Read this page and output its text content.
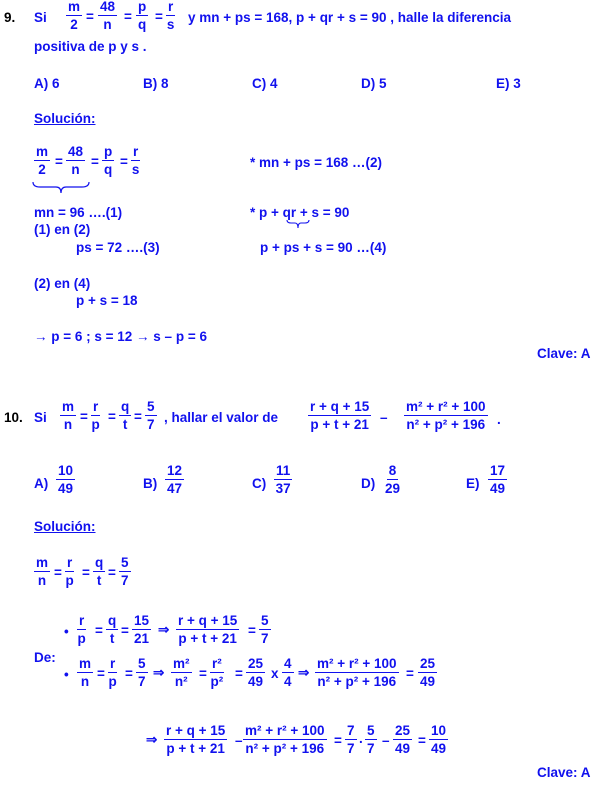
9. Si
m
2 =
48
n =
p
q =
r
s y mn + ps = 168, p + qr + s = 90 , halle la diferencia
positiva de p y s .
A) 6	B) 8	C) 4	D) 5	E) 3
Solución:
m
2 =
48
n =
p
q =
r
s	* mn + ps = 168 …(2)
mn = 96 ….(1)	* p + qr + s = 90
(1) en (2)
ps = 72 ….(3)	p + ps + s = 90 …(4)
(2) en (4)
p + s = 18
→ p = 6 ; s = 12 → s – p = 6
Clave: A
10. Si
m
n =
r
p =
q
t =
5
7 , hallar el valor de
r + q + 15
p + t + 21 –
m² + r² + 100
n² + p² + 196 .
A)
10
49	B)
12
47	C)
11
37	D)
8
29	E)
17
49
Solución:
m
n =
r
p =
q
t =
5
7
De:
•
r
p =
q
t =
15
21
⇒
r + q + 15
p + t + 21 =
5
7
•
m
n =
r
p =
5
7
⇒
m²
n² =
r²
p² =
25
49 x
4
4
⇒
m² + r² + 100
n² + p² + 196 =
25
49
⇒
r + q + 15
p + t + 21 –
m² + r² + 100
n² + p² + 196 =
7
7
.
5
7 –
25
49 =
10
49
Clave: A
